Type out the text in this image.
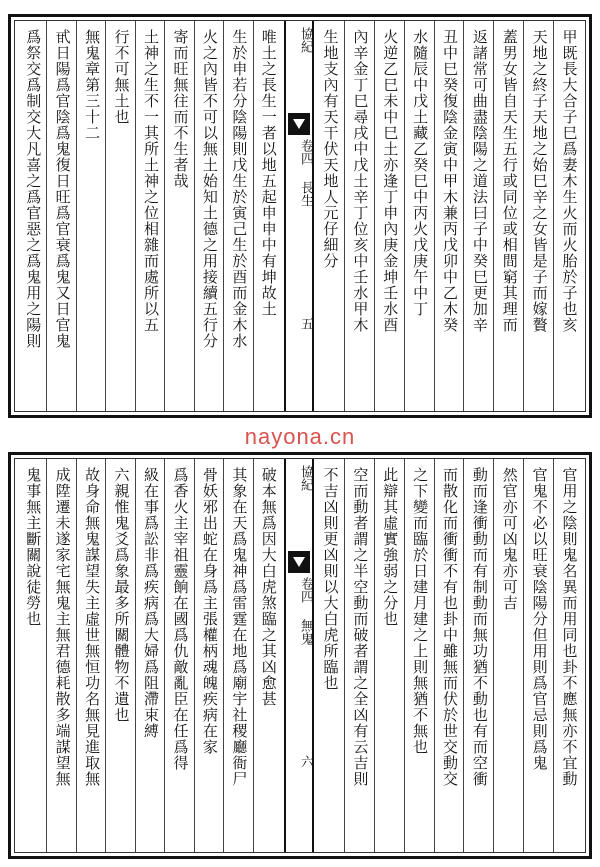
協紀
卷四
長生
五	甲既長大合子巳爲妻木生火而火胎於子也亥
天地之終子天地之始巳辛之女皆是子而嫁贅
蓋男女皆自天生五行或同位或相間窮其理而
返諸常可曲盡陰陽之道法曰子中癸巳更加辛
丑中巳癸復陰金寅中甲木兼丙戊卯中乙木癸
水隨辰中戊土藏乙癸巳中丙火戊庚午中丁
火逆乙巳未中巳土亦逢丁申內庚金坤壬水酉
內辛金丁巳尋戌中戊土辛丁位亥中壬水甲木
生地支內有天干伏天地人元仔細分
唯土之長生一者以地五起申申中有坤故土
生於申若分陰陽則戊生於寅己生於酉而金木水
火之內皆不可以無土始知土德之用接續五行分
寄而旺無往而不生者哉
土神之生不一其所土神之位相雜而處所以五
行不可無土也
無鬼章第三十二
甙日陽爲官陰爲鬼復日旺爲官衰爲鬼又日官鬼
爲祭交爲制交大凡喜之爲官惡之爲鬼用之陽則
nayona.cn
協紀
卷四
無鬼
六	官用之陰則鬼名異而用同也卦不應無亦不宜動
官鬼不必以旺衰陰陽分但用則爲官忌則爲鬼
然官亦可凶鬼亦可吉
動而逢衝動而有制動而無功猶不動也有而空衝
而散化而衝衝不有也卦中雖無而伏於世交動交
之下變而臨於日建月建之上則無猶不無也
此辯其虛實強弱之分也
空而動者謂之半空動而破者謂之全凶有云吉則
不吉凶則更凶則以大白虎所臨也
破本無爲因大白虎煞臨之其凶愈甚
其象在天爲鬼神爲雷霆在地爲廟宇社稷廳衙尸
骨妖邪出蛇在身爲主張權柄魂魄疾病在家
爲香火主宰祖靈餉在國爲仇敵亂臣在任爲得
級在事爲訟非爲疾病爲大婦爲阻滯束縛
六親惟鬼爻爲象最多所關體物不遺也
故身命無鬼謀望失主虛世無恒功名無見進取無
成陞遷未遂家宅無鬼主無君德耗散多端謀望無
鬼事無主斷關說徒勞也
